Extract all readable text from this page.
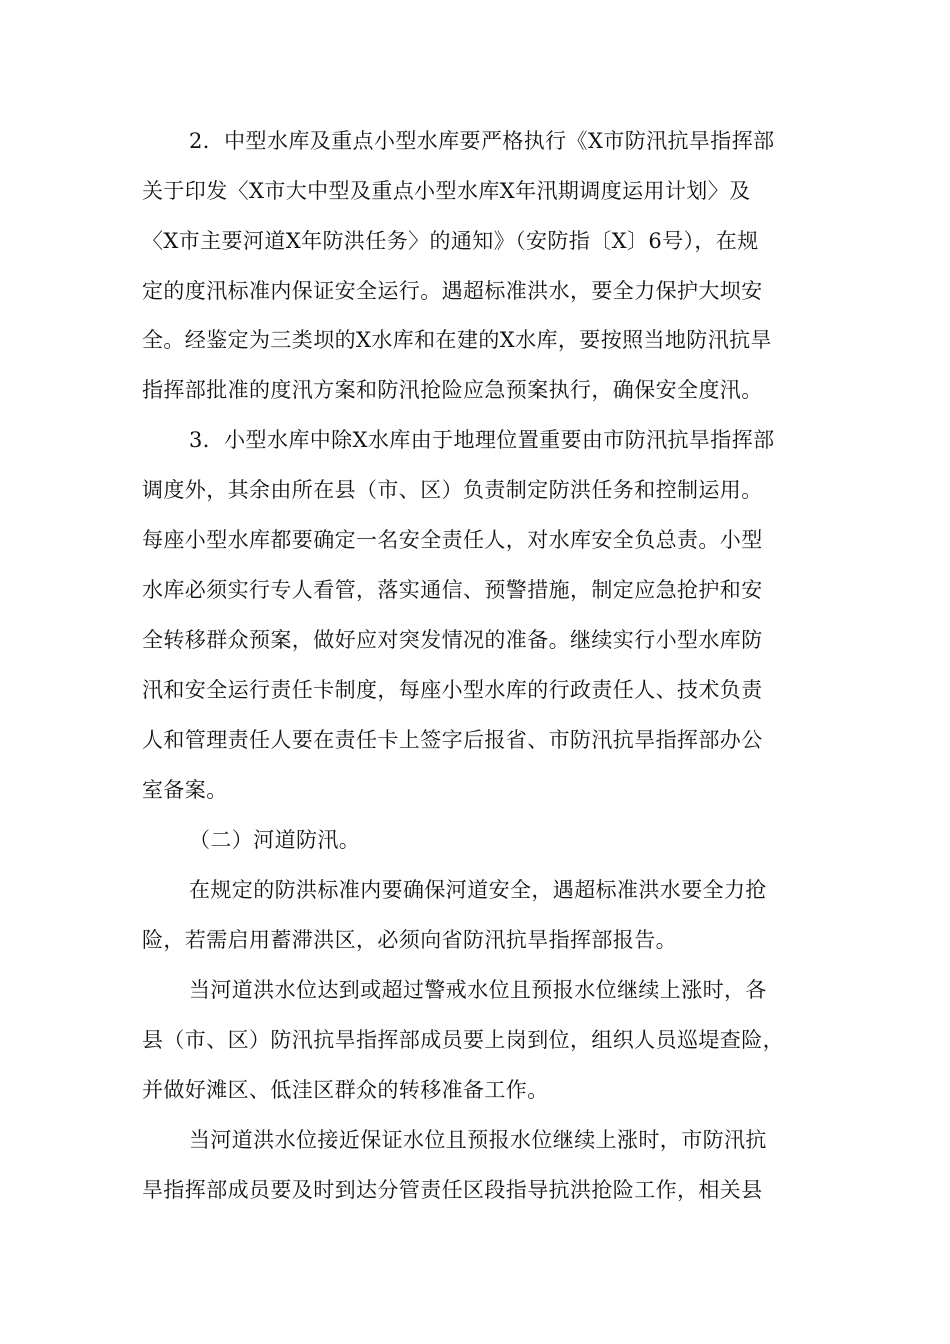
2．中型水库及重点小型水库要严格执行《X市防汛抗旱指挥部
关于印发〈X市大中型及重点小型水库X年汛期调度运用计划〉及
〈X市主要河道X年防洪任务〉的通知》（安防指〔X〕6号），在规
定的度汛标准内保证安全运行。遇超标准洪水，要全力保护大坝安
全。经鉴定为三类坝的X水库和在建的X水库，要按照当地防汛抗旱
指挥部批准的度汛方案和防汛抢险应急预案执行，确保安全度汛。
3．小型水库中除X水库由于地理位置重要由市防汛抗旱指挥部
调度外，其余由所在县（市、区）负责制定防洪任务和控制运用。
每座小型水库都要确定一名安全责任人，对水库安全负总责。小型
水库必须实行专人看管，落实通信、预警措施，制定应急抢护和安
全转移群众预案，做好应对突发情况的准备。继续实行小型水库防
汛和安全运行责任卡制度，每座小型水库的行政责任人、技术负责
人和管理责任人要在责任卡上签字后报省、市防汛抗旱指挥部办公
室备案。
（二）河道防汛。
在规定的防洪标准内要确保河道安全，遇超标准洪水要全力抢
险，若需启用蓄滞洪区，必须向省防汛抗旱指挥部报告。
当河道洪水位达到或超过警戒水位且预报水位继续上涨时，各
县（市、区）防汛抗旱指挥部成员要上岗到位，组织人员巡堤查险，
并做好滩区、低洼区群众的转移准备工作。
当河道洪水位接近保证水位且预报水位继续上涨时，市防汛抗
旱指挥部成员要及时到达分管责任区段指导抗洪抢险工作，相关县
